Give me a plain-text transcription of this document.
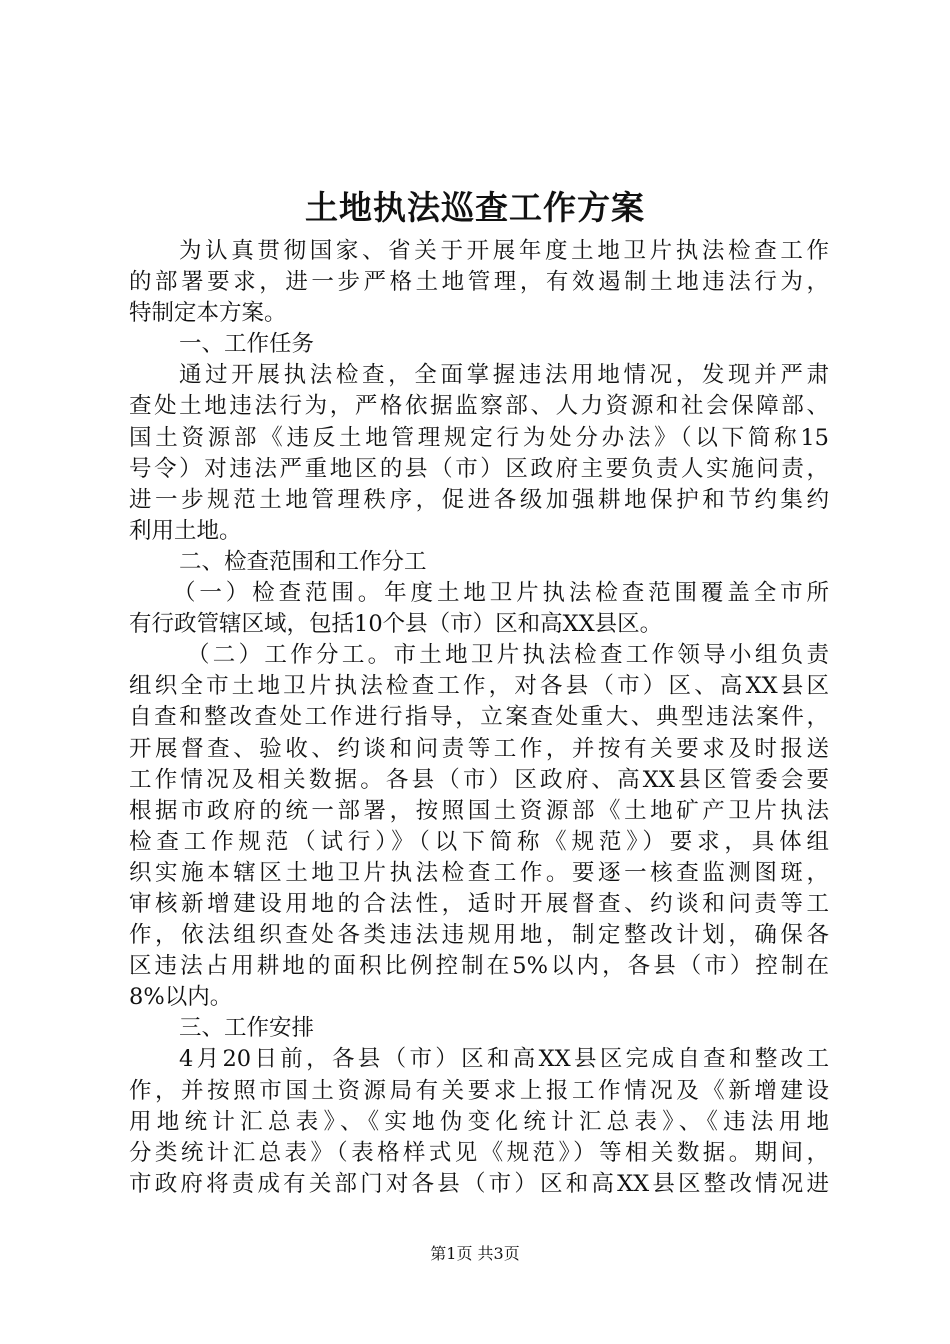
土地执法巡查工作方案
为认真贯彻国家、省关于开展年度土地卫片执法检查工作
的部署要求，进一步严格土地管理，有效遏制土地违法行为，
特制定本方案。
一、工作任务
通过开展执法检查，全面掌握违法用地情况，发现并严肃
查处土地违法行为，严格依据监察部、人力资源和社会保障部、
国土资源部《违反土地管理规定行为处分办法》（以下简称15
号令）对违法严重地区的县（市）区政府主要负责人实施问责，
进一步规范土地管理秩序，促进各级加强耕地保护和节约集约
利用土地。
二、检查范围和工作分工
（一）检查范围。年度土地卫片执法检查范围覆盖全市所
有行政管辖区域，包括10个县（市）区和高XX县区。
（二）工作分工。市土地卫片执法检查工作领导小组负责
组织全市土地卫片执法检查工作，对各县（市）区、高XX县区
自查和整改查处工作进行指导，立案查处重大、典型违法案件，
开展督查、验收、约谈和问责等工作，并按有关要求及时报送
工作情况及相关数据。各县（市）区政府、高XX县区管委会要
根据市政府的统一部署，按照国土资源部《土地矿产卫片执法
检查工作规范（试行）》（以下简称《规范》）要求，具体组
织实施本辖区土地卫片执法检查工作。要逐一核查监测图斑，
审核新增建设用地的合法性，适时开展督查、约谈和问责等工
作，依法组织查处各类违法违规用地，制定整改计划，确保各
区违法占用耕地的面积比例控制在5%以内，各县（市）控制在
8%以内。
三、工作安排
4月20日前，各县（市）区和高XX县区完成自查和整改工
作，并按照市国土资源局有关要求上报工作情况及《新增建设
用地统计汇总表》、《实地伪变化统计汇总表》、《违法用地
分类统计汇总表》（表格样式见《规范》）等相关数据。期间，
市政府将责成有关部门对各县（市）区和高XX县区整改情况进
第1页 共3页
